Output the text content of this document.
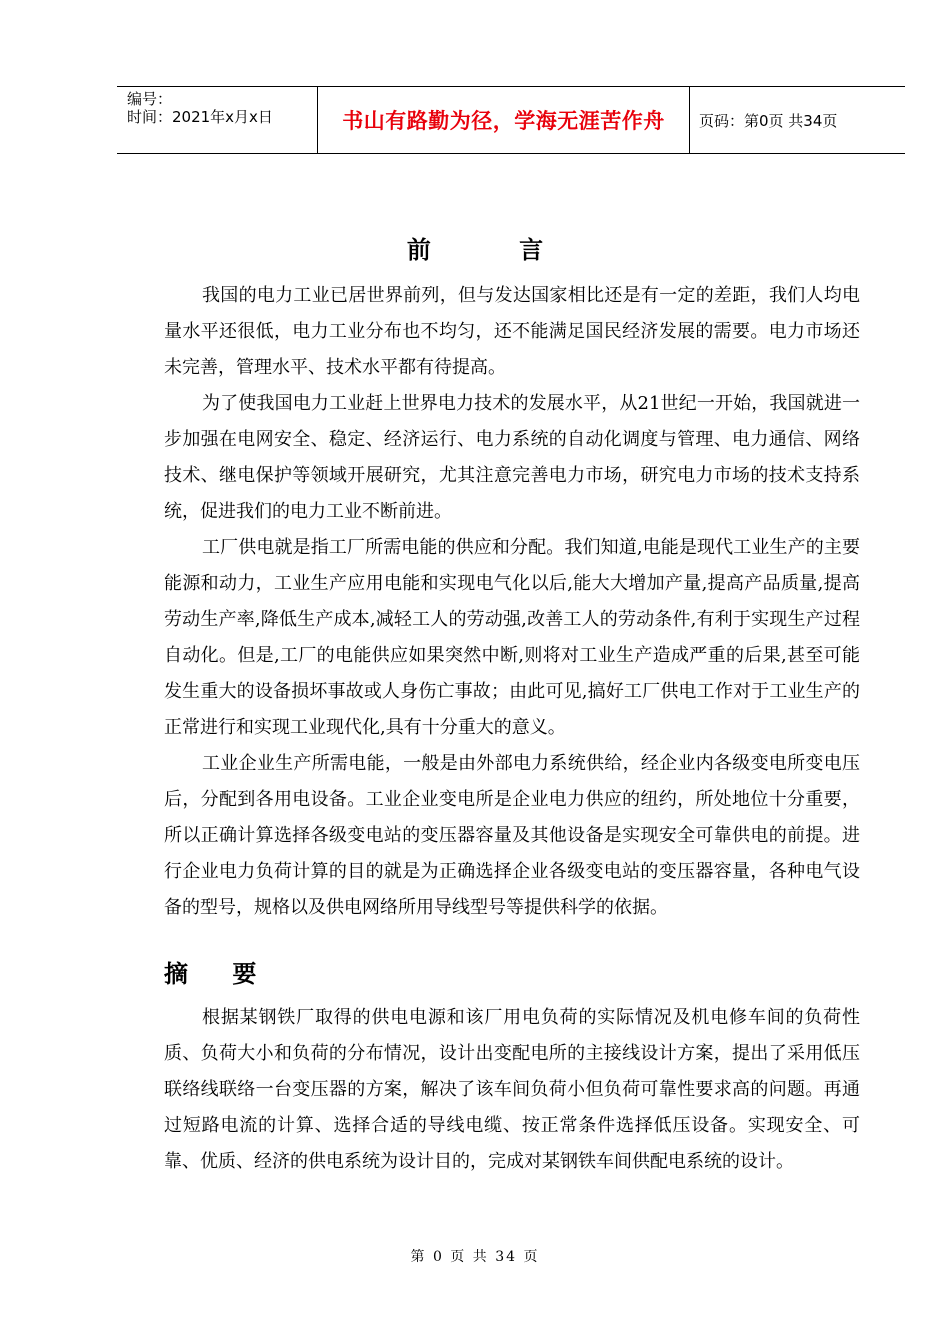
编号：
时间：2021年x月x日	书山有路勤为径，学海无涯苦作舟 页码：第0页 共34页
前 言

我国的电力工业已居世界前列，但与发达国家相比还是有一定的差距，我们人均电量水平还很低，电力工业分布也不均匀，还不能满足国民经济发展的需要。电力市场还未完善，管理水平、技术水平都有待提高。

为了使我国电力工业赶上世界电力技术的发展水平，从21世纪一开始，我国就进一步加强在电网安全、稳定、经济运行、电力系统的自动化调度与管理、电力通信、网络技术、继电保护等领域开展研究，尤其注意完善电力市场，研究电力市场的技术支持系统，促进我们的电力工业不断前进。

工厂供电就是指工厂所需电能的供应和分配。我们知道,电能是现代工业生产的主要能源和动力，工业生产应用电能和实现电气化以后,能大大增加产量,提高产品质量,提高劳动生产率,降低生产成本,减轻工人的劳动强,改善工人的劳动条件,有利于实现生产过程自动化。但是,工厂的电能供应如果突然中断,则将对工业生产造成严重的后果,甚至可能发生重大的设备损坏事故或人身伤亡事故；由此可见,搞好工厂供电工作对于工业生产的正常进行和实现工业现代化,具有十分重大的意义。

工业企业生产所需电能，一般是由外部电力系统供给，经企业内各级变电所变电压后，分配到各用电设备。工业企业变电所是企业电力供应的纽约，所处地位十分重要，所以正确计算选择各级变电站的变压器容量及其他设备是实现安全可靠供电的前提。进行企业电力负荷计算的目的就是为正确选择企业各级变电站的变压器容量，各种电气设备的型号，规格以及供电网络所用导线型号等提供科学的依据。

摘 要

根据某钢铁厂取得的供电电源和该厂用电负荷的实际情况及机电修车间的负荷性质、负荷大小和负荷的分布情况，设计出变配电所的主接线设计方案，提出了采用低压联络线联络一台变压器的方案，解决了该车间负荷小但负荷可靠性要求高的问题。再通过短路电流的计算、选择合适的导线电缆、按正常条件选择低压设备。实现安全、可靠、优质、经济的供电系统为设计目的，完成对某钢铁车间供配电系统的设计。

第 0 页 共 34 页
